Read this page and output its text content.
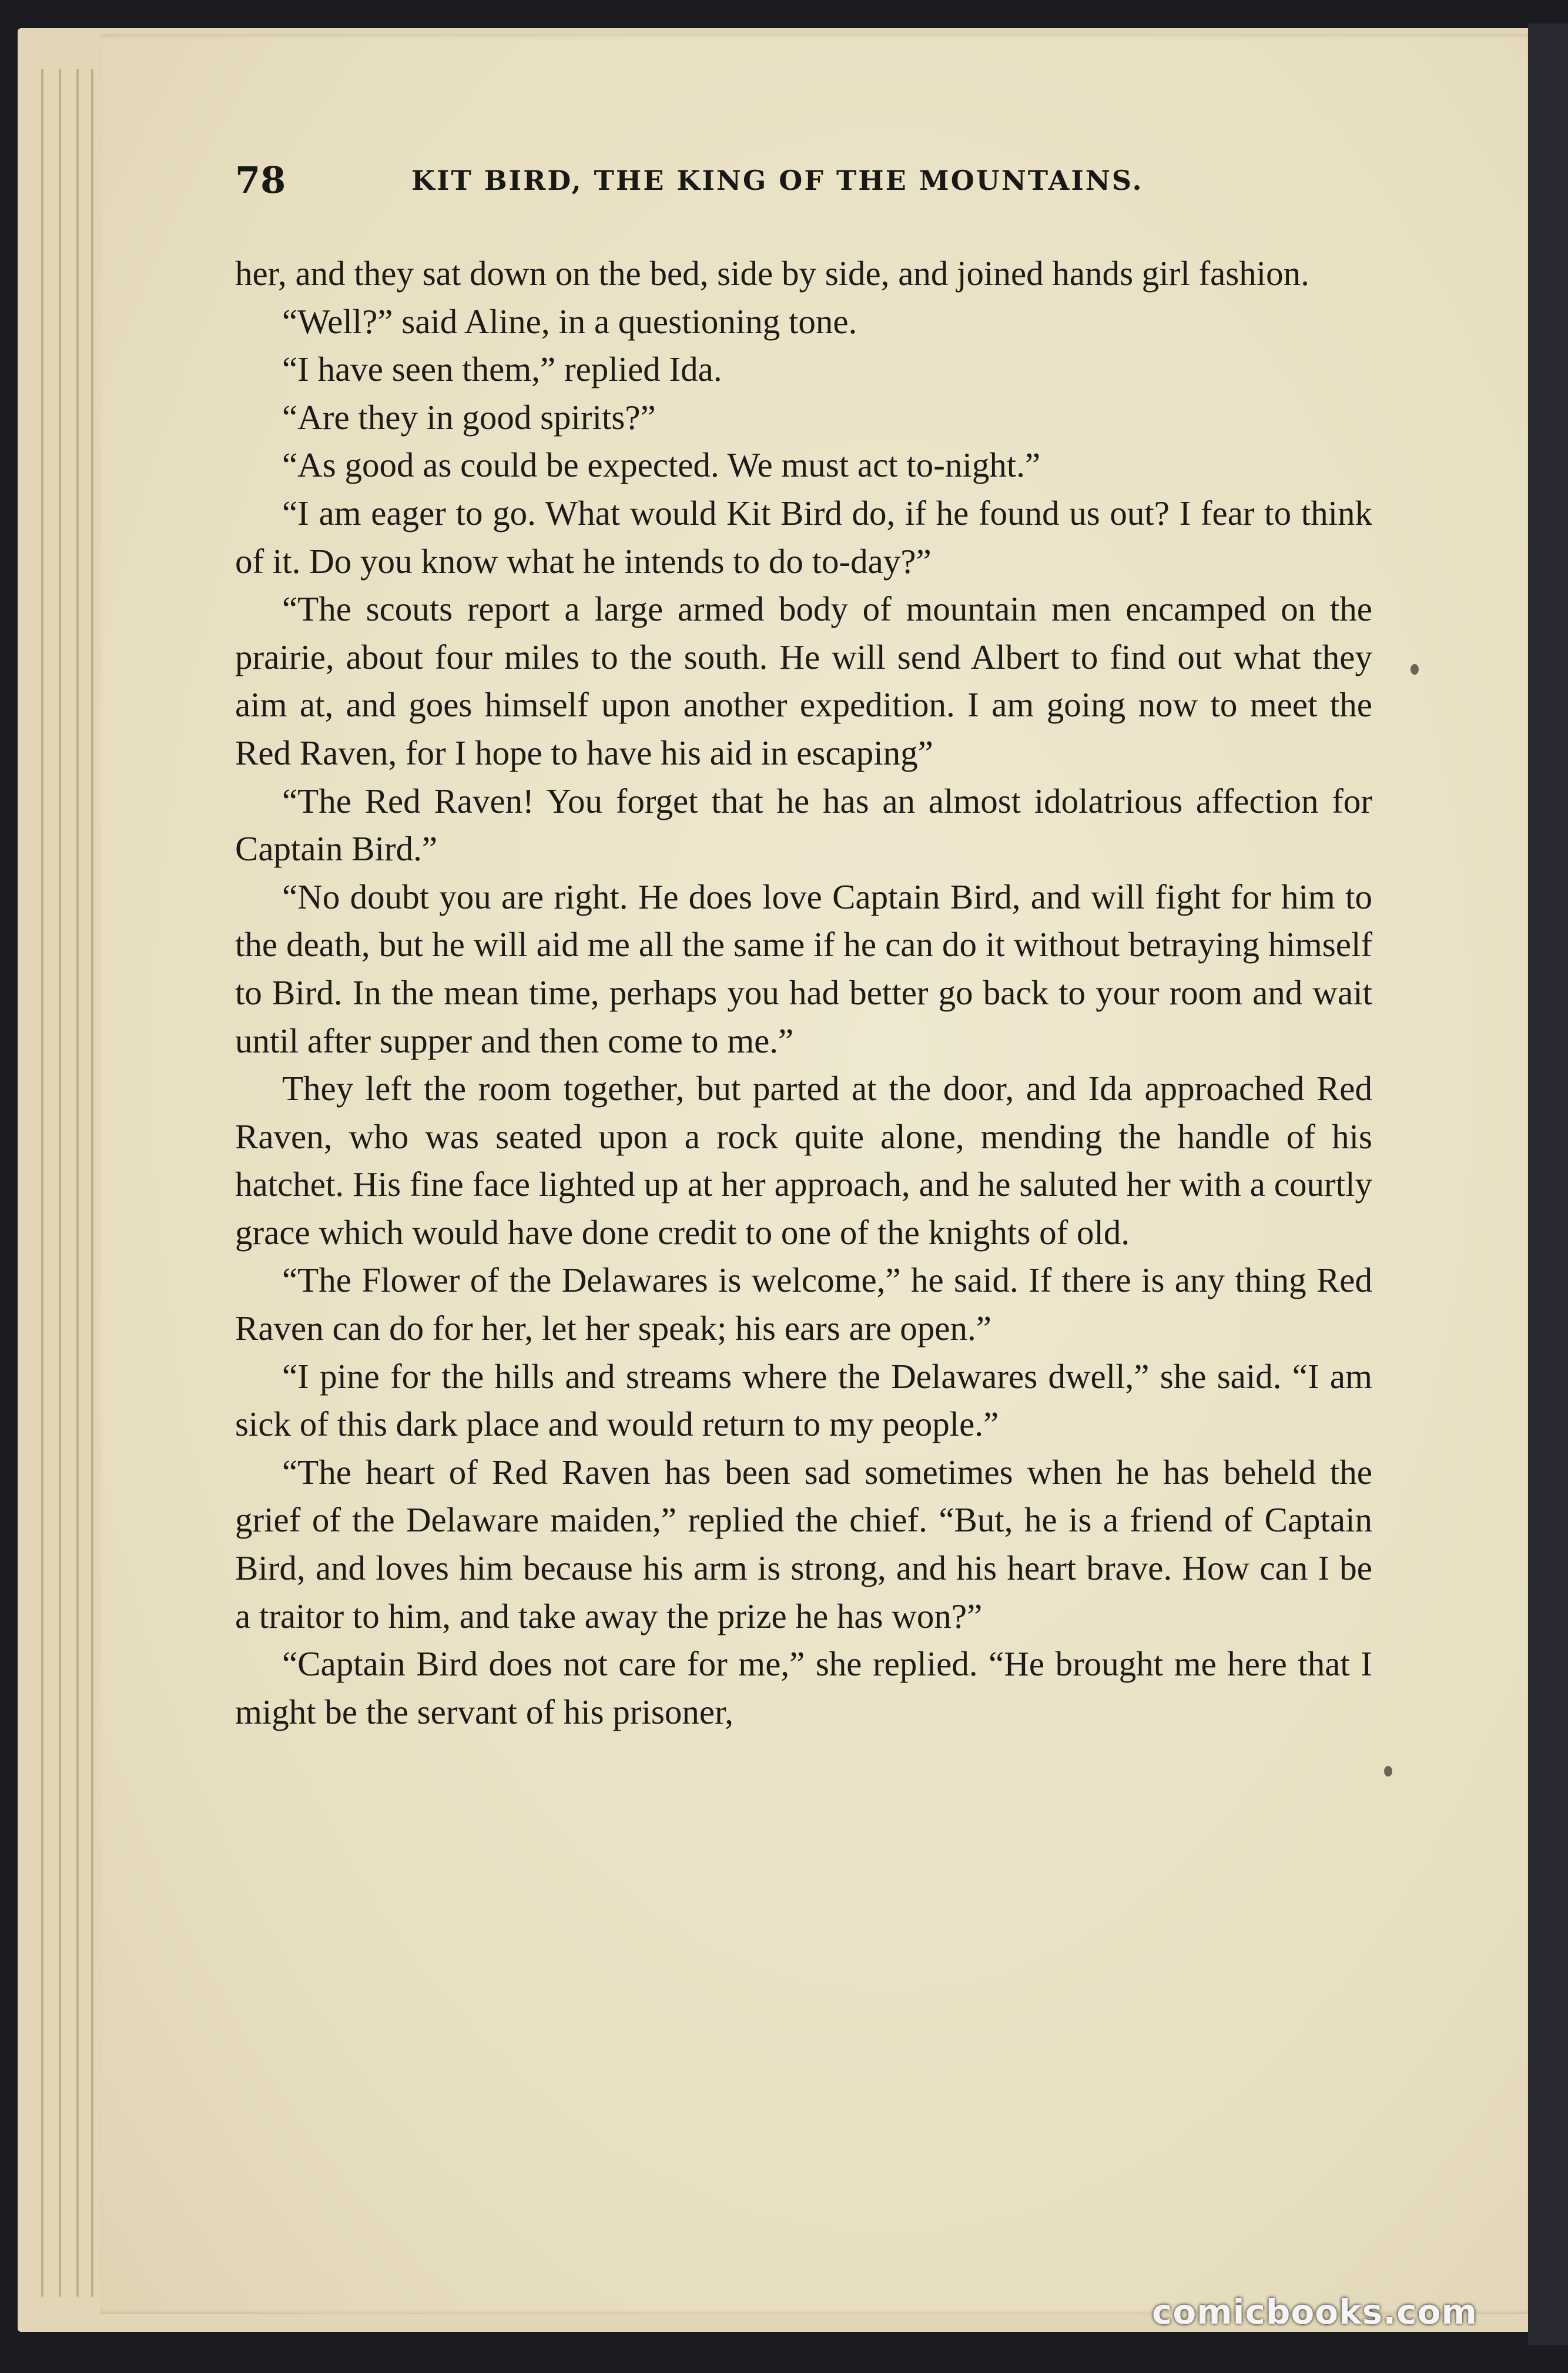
78	KIT BIRD, THE KING OF THE MOUNTAINS.

her, and they sat down on the bed, side by side, and joined hands girl fashion.

“Well?” said Aline, in a questioning tone.

“I have seen them,” replied Ida.

“Are they in good spirits?”

“As good as could be expected. We must act to-night.”

“I am eager to go. What would Kit Bird do, if he found us out? I fear to think of it. Do you know what he intends to do to-day?”

“The scouts report a large armed body of mountain men encamped on the prairie, about four miles to the south. He will send Albert to find out what they aim at, and goes himself upon another expedition. I am going now to meet the Red Raven, for I hope to have his aid in escaping”

“The Red Raven! You forget that he has an almost idolatrious affection for Captain Bird.”

“No doubt you are right. He does love Captain Bird, and will fight for him to the death, but he will aid me all the same if he can do it without betraying himself to Bird. In the mean time, perhaps you had better go back to your room and wait until after supper and then come to me.”

They left the room together, but parted at the door, and Ida approached Red Raven, who was seated upon a rock quite alone, mending the handle of his hatchet. His fine face lighted up at her approach, and he saluted her with a courtly grace which would have done credit to one of the knights of old.

“The Flower of the Delawares is welcome,” he said. If there is any thing Red Raven can do for her, let her speak; his ears are open.”

“I pine for the hills and streams where the Delawares dwell,” she said. “I am sick of this dark place and would return to my people.”

“The heart of Red Raven has been sad sometimes when he has beheld the grief of the Delaware maiden,” replied the chief. “But, he is a friend of Captain Bird, and loves him because his arm is strong, and his heart brave. How can I be a traitor to him, and take away the prize he has won?”

“Captain Bird does not care for me,” she replied. “He brought me here that I might be the servant of his prisoner,

comicbooks.com
